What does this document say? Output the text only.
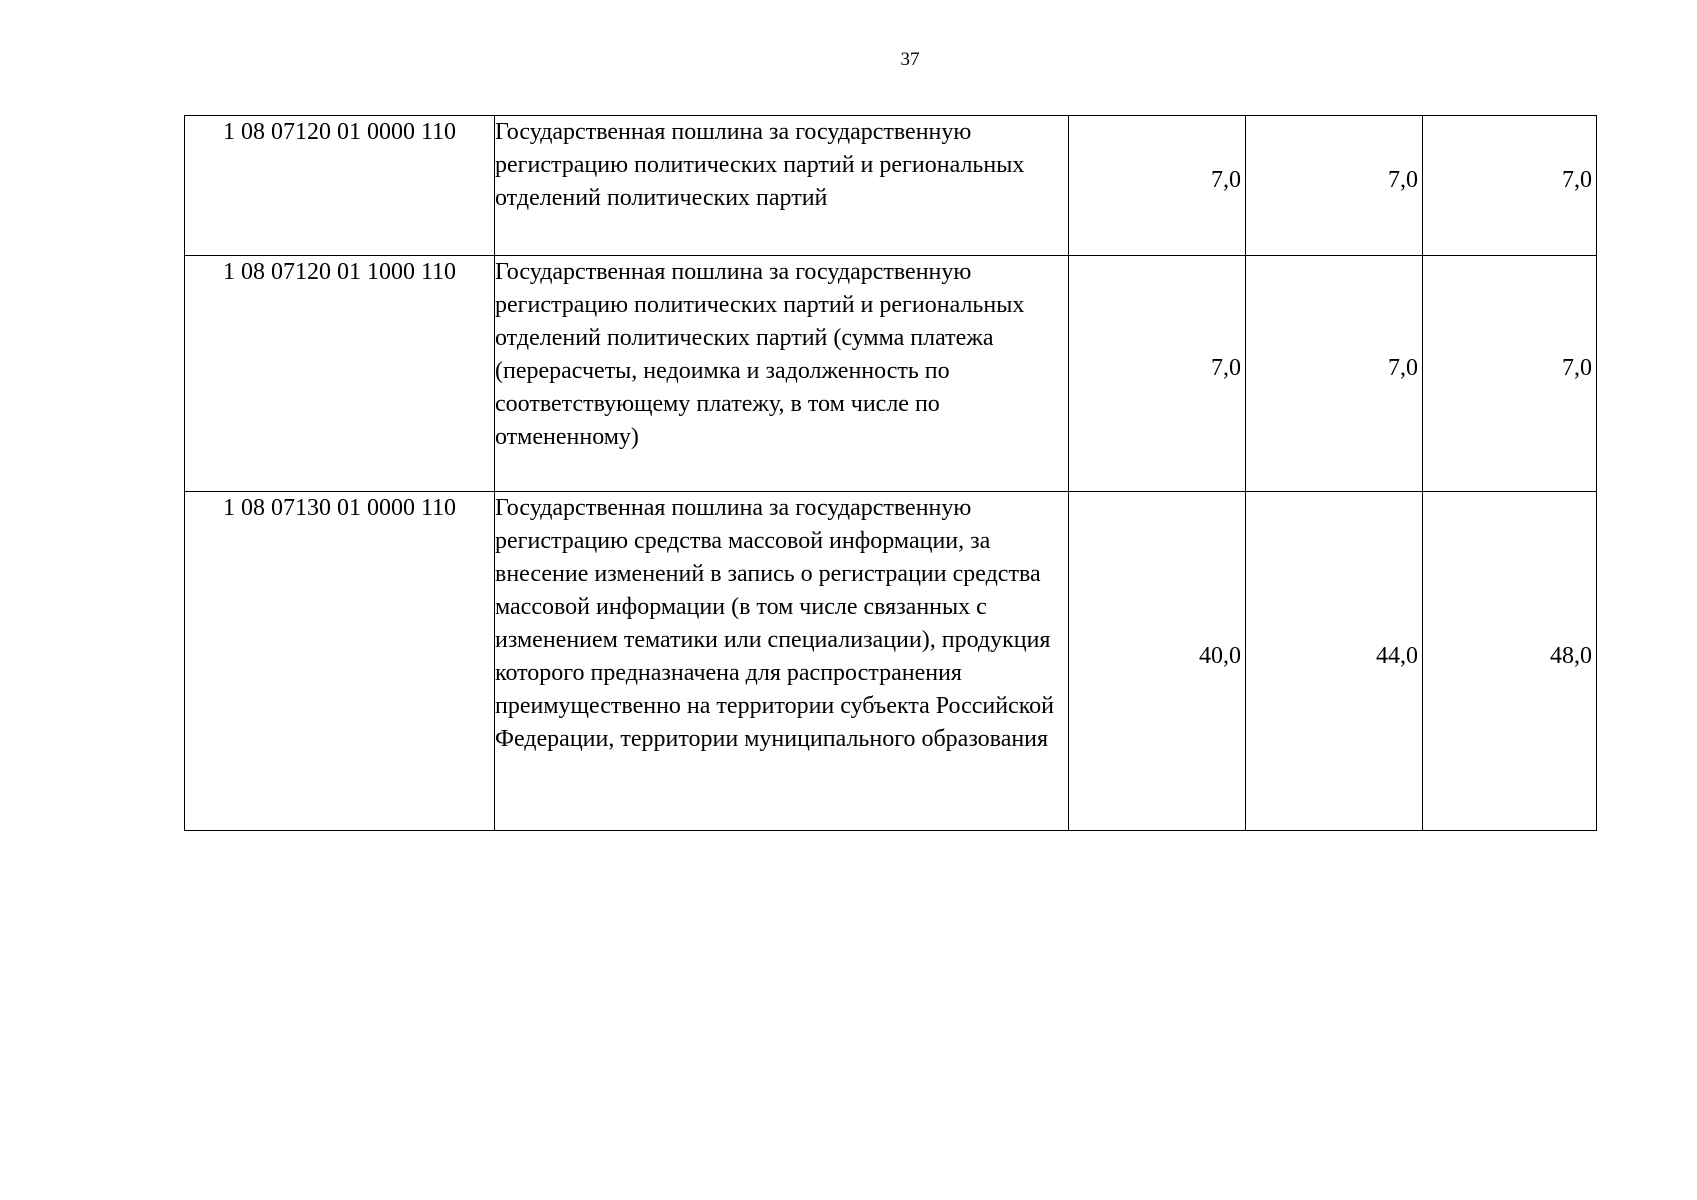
37
1 08 07120 01 0000 110	Государственная пошлина за государственную регистрацию политических партий и региональных отделений политических партий	7,0	7,0	7,0
1 08 07120 01 1000 110	Государственная пошлина за государственную регистрацию политических партий и региональных отделений политических партий (сумма платежа (перерасчеты, недоимка и задолженность по соответствующему платежу, в том числе по отмененному)	7,0	7,0	7,0
1 08 07130 01 0000 110	Государственная пошлина за государственную регистрацию средства массовой информации, за внесение изменений в запись о регистрации средства массовой информации (в том числе связанных с изменением тематики или специализации), продукция которого предназначена для распространения преимущественно на территории субъекта Российской Федерации, территории муниципального образования	40,0	44,0	48,0
